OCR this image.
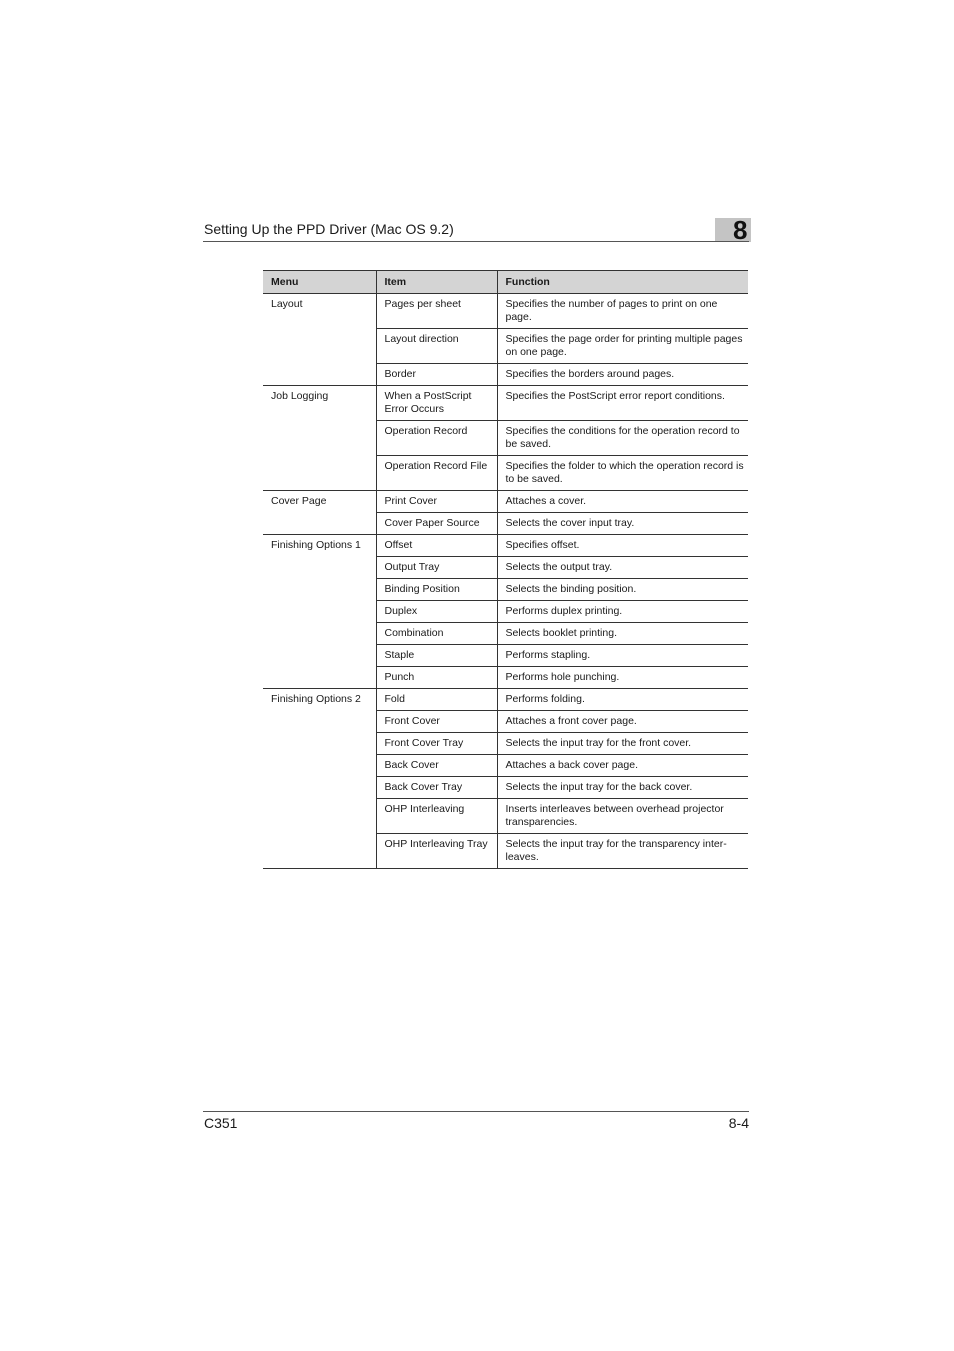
Setting Up the PPD Driver (Mac OS 9.2)	8
Menu	Item	Function
Layout	Pages per sheet	Specifies the number of pages to print on one page.
	Layout direction	Specifies the page order for printing multiple pages on one page.
	Border	Specifies the borders around pages.
Job Logging	When a PostScript Error Occurs	Specifies the PostScript error report conditions.
	Operation Record	Specifies the conditions for the operation record to be saved.
	Operation Record File	Specifies the folder to which the operation record is to be saved.
Cover Page	Print Cover	Attaches a cover.
	Cover Paper Source	Selects the cover input tray.
Finishing Options 1	Offset	Specifies offset.
	Output Tray	Selects the output tray.
	Binding Position	Selects the binding position.
	Duplex	Performs duplex printing.
	Combination	Selects booklet printing.
	Staple	Performs stapling.
	Punch	Performs hole punching.
Finishing Options 2	Fold	Performs folding.
	Front Cover	Attaches a front cover page.
	Front Cover Tray	Selects the input tray for the front cover.
	Back Cover	Attaches a back cover page.
	Back Cover Tray	Selects the input tray for the back cover.
	OHP Interleaving	Inserts interleaves between overhead projector transparencies.
	OHP Interleaving Tray	Selects the input tray for the transparency inter-leaves.
C351	8-4
